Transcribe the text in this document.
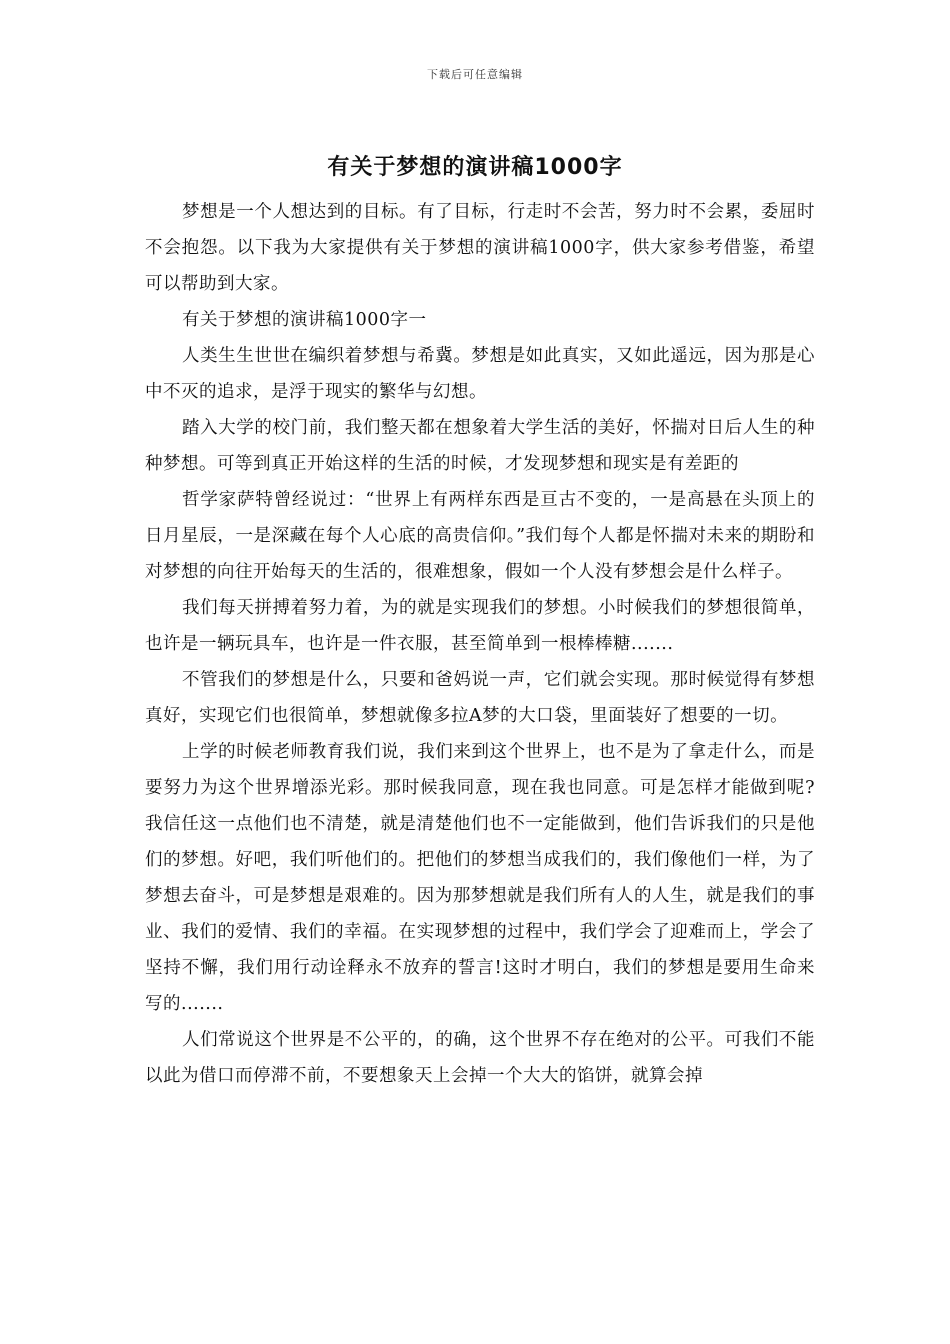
下载后可任意编辑
有关于梦想的演讲稿1000字

梦想是一个人想达到的目标。有了目标，行走时不会苦，努力时不会累，委屈时不会抱怨。以下我为大家提供有关于梦想的演讲稿1000字，供大家参考借鉴，希望可以帮助到大家。

有关于梦想的演讲稿1000字一

人类生生世世在编织着梦想与希冀。梦想是如此真实，又如此遥远，因为那是心中不灭的追求，是浮于现实的繁华与幻想。

踏入大学的校门前，我们整天都在想象着大学生活的美好，怀揣对日后人生的种种梦想。可等到真正开始这样的生活的时候，才发现梦想和现实是有差距的

哲学家萨特曾经说过：“世界上有两样东西是亘古不变的，一是高悬在头顶上的日月星辰，一是深藏在每个人心底的高贵信仰。”我们每个人都是怀揣对未来的期盼和对梦想的向往开始每天的生活的，很难想象，假如一个人没有梦想会是什么样子。

我们每天拼搏着努力着，为的就是实现我们的梦想。小时候我们的梦想很简单，也许是一辆玩具车，也许是一件衣服，甚至简单到一根棒棒糖.......

不管我们的梦想是什么，只要和爸妈说一声，它们就会实现。那时候觉得有梦想真好，实现它们也很简单，梦想就像多拉A梦的大口袋，里面装好了想要的一切。

上学的时候老师教育我们说，我们来到这个世界上，也不是为了拿走什么，而是要努力为这个世界增添光彩。那时候我同意，现在我也同意。可是怎样才能做到呢?我信任这一点他们也不清楚，就是清楚他们也不一定能做到，他们告诉我们的只是他们的梦想。好吧，我们听他们的。把他们的梦想当成我们的，我们像他们一样，为了梦想去奋斗，可是梦想是艰难的。因为那梦想就是我们所有人的人生，就是我们的事业、我们的爱情、我们的幸福。在实现梦想的过程中，我们学会了迎难而上，学会了坚持不懈，我们用行动诠释永不放弃的誓言!这时才明白，我们的梦想是要用生命来写的.......

人们常说这个世界是不公平的，的确，这个世界不存在绝对的公平。可我们不能以此为借口而停滞不前，不要想象天上会掉一个大大的馅饼，就算会掉
